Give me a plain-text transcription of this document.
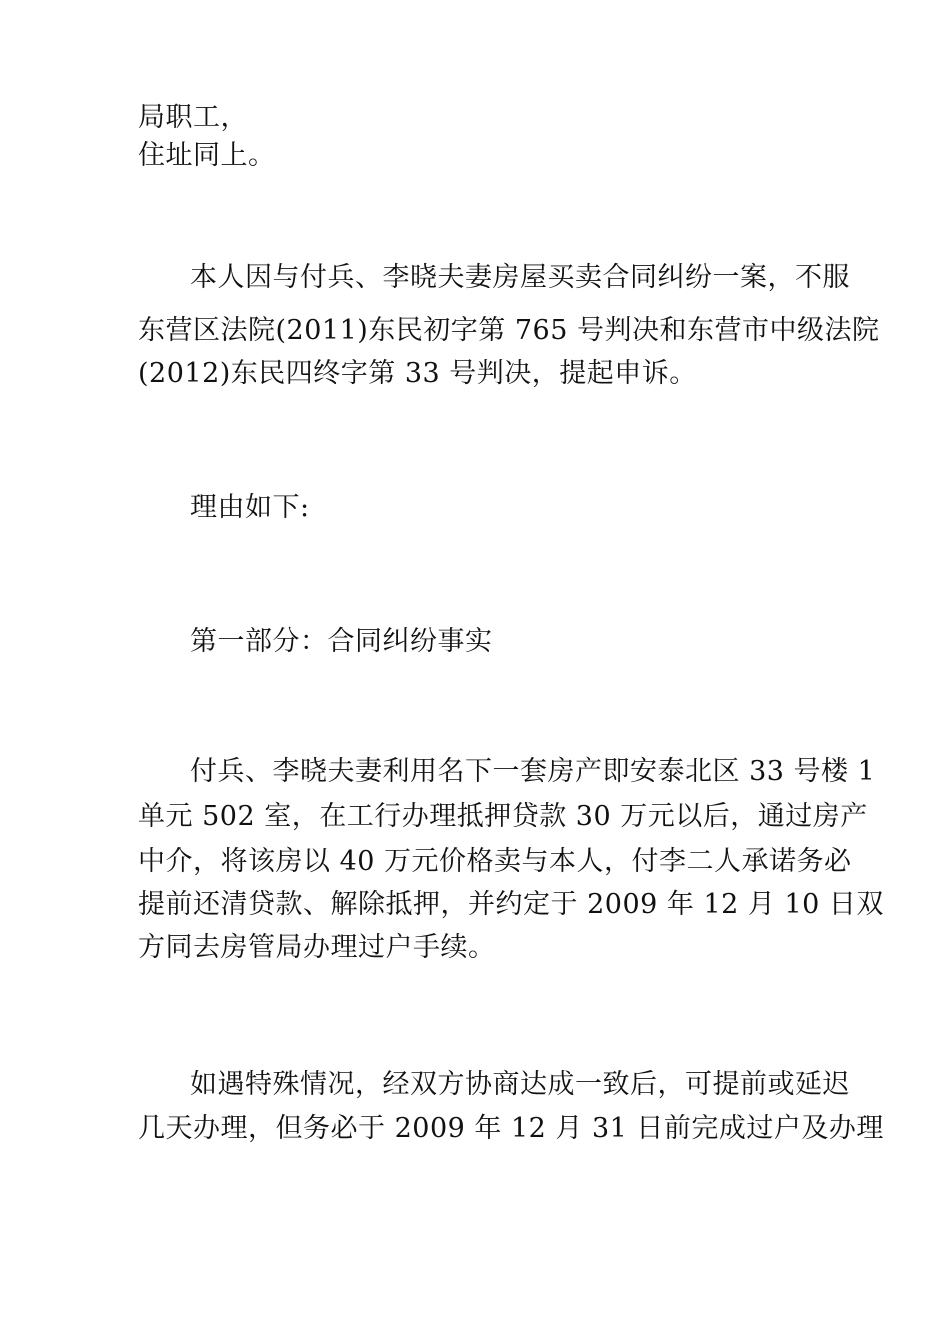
局职工，
住址同上。
本人因与付兵、李晓夫妻房屋买卖合同纠纷一案，不服
东营区法院(2011)东民初字第 765 号判决和东营市中级法院
(2012)东民四终字第 33 号判决，提起申诉。
理由如下:
第一部分：合同纠纷事实
付兵、李晓夫妻利用名下一套房产即安泰北区 33 号楼 1
单元 502 室，在工行办理抵押贷款 30 万元以后，通过房产
中介，将该房以 40 万元价格卖与本人，付李二人承诺务必
提前还清贷款、解除抵押，并约定于 2009 年 12 月 10 日双
方同去房管局办理过户手续。
如遇特殊情况，经双方协商达成一致后，可提前或延迟
几天办理，但务必于 2009 年 12 月 31 日前完成过户及办理
